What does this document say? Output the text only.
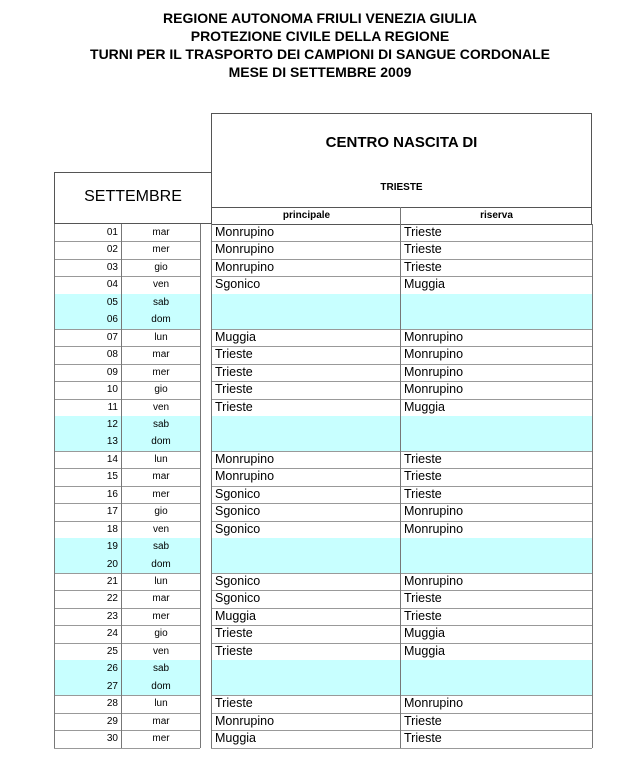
REGIONE AUTONOMA FRIULI VENEZIA GIULIA
PROTEZIONE CIVILE DELLA REGIONE
TURNI PER IL TRASPORTO DEI CAMPIONI DI SANGUE CORDONALE
MESE DI SETTEMBRE 2009
SETTEMBRE
CENTRO NASCITA DI
TRIESTE
principale	riserva
01	mar	Monrupino	Trieste
02	mer	Monrupino	Trieste
03	gio	Monrupino	Trieste
04	ven	Sgonico	Muggia
05	sab
06	dom
07	lun	Muggia	Monrupino
08	mar	Trieste	Monrupino
09	mer	Trieste	Monrupino
10	gio	Trieste	Monrupino
11	ven	Trieste	Muggia
12	sab
13	dom
14	lun	Monrupino	Trieste
15	mar	Monrupino	Trieste
16	mer	Sgonico	Trieste
17	gio	Sgonico	Monrupino
18	ven	Sgonico	Monrupino
19	sab
20	dom
21	lun	Sgonico	Monrupino
22	mar	Sgonico	Trieste
23	mer	Muggia	Trieste
24	gio	Trieste	Muggia
25	ven	Trieste	Muggia
26	sab
27	dom
28	lun	Trieste	Monrupino
29	mar	Monrupino	Trieste
30	mer	Muggia	Trieste
